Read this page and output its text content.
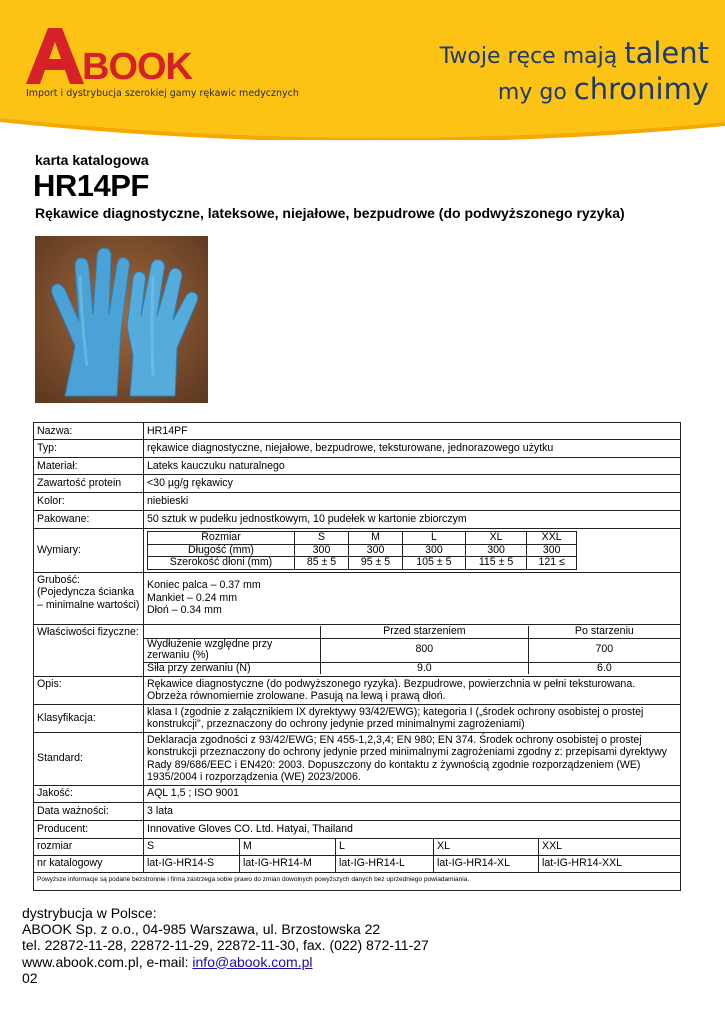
BOOK
Import i dystrybucja szerokiej gamy rękawic medycznych
Twoje ręce mają talent
my go chronimy
karta katalogowa
HR14PF
Rękawice diagnostyczne, lateksowe, niejałowe, bezpudrowe (do podwyższonego ryzyka)
Nazwa:	HR14PF
Typ:	rękawice diagnostyczne, niejałowe, bezpudrowe, teksturowane, jednorazowego użytku
Materiał:	Lateks kauczuku naturalnego
Zawartość protein	<30 µg/g rękawicy
Kolor:	niebieski
Pakowane:	50 sztuk w pudełku jednostkowym, 10 pudełek w kartonie zbiorczym
Wymiary:	
Rozmiar	S	M	L	XL	XXL
Długość (mm)	300	300	300	300	300
Szerokość dłoni (mm)	85 ± 5	95 ± 5	105 ± 5	115 ± 5	121 ≤

Grubość: (Pojedyncza ścianka – minimalne wartości)	
Koniec palca – 0.37 mm
Mankiet – 0.24 mm
Dłoń – 0.34 mm

Właściwości fizyczne:	
		Przed starzeniem	Po starzeniu
Wydłużenie względne przy zerwaniu (%)	800	700
Siła przy zerwaniu (N)	9.0	6.0

Opis:	Rękawice diagnostyczne (do podwyższonego ryzyka). Bezpudrowe, powierzchnia w pełni teksturowana. Obrzeża równomiernie zrolowane. Pasują na lewą i prawą dłoń.
Klasyfikacja:	klasa I (zgodnie z załącznikiem IX dyrektywy 93/42/EWG); kategoria I („środek ochrony osobistej o prostej konstrukcji", przeznaczony do ochrony jedynie przed minimalnymi zagrożeniami)
Standard:	Deklaracja zgodności z 93/42/EWG; EN 455-1,2,3,4; EN 980; EN 374. Środek ochrony osobistej o prostej konstrukcji przeznaczony do ochrony jedynie przed minimalnymi zagrożeniami zgodny z: przepisami dyrektywy Rady 89/686/EEC i EN420: 2003. Dopuszczony do kontaktu z żywnością zgodnie rozporządzeniem (WE) 1935/2004 i rozporządzenia (WE) 2023/2006.
Jakość:	AQL 1,5 ; ISO 9001
Data ważności:	3 lata
Producent:	Innovative Gloves CO. Ltd. Hatyai, Thailand
rozmiar	S	M	L	XL	XXL
nr katalogowy	lat-IG-HR14-S	lat-IG-HR14-M	lat-IG-HR14-L	lat-IG-HR14-XL	lat-IG-HR14-XXL
Powyższe informacje są podane bezstronnie i firma zastrzega sobie prawo do zmian dowolnych powyższych danych bez uprzedniego powiadamiania.
dystrybucja w Polsce:
ABOOK Sp. z o.o., 04-985 Warszawa, ul. Brzostowska 22
tel. 22872-11-28, 22872-11-29, 22872-11-30, fax. (022) 872-11-27
www.abook.com.pl, e-mail: info@abook.com.pl
02
